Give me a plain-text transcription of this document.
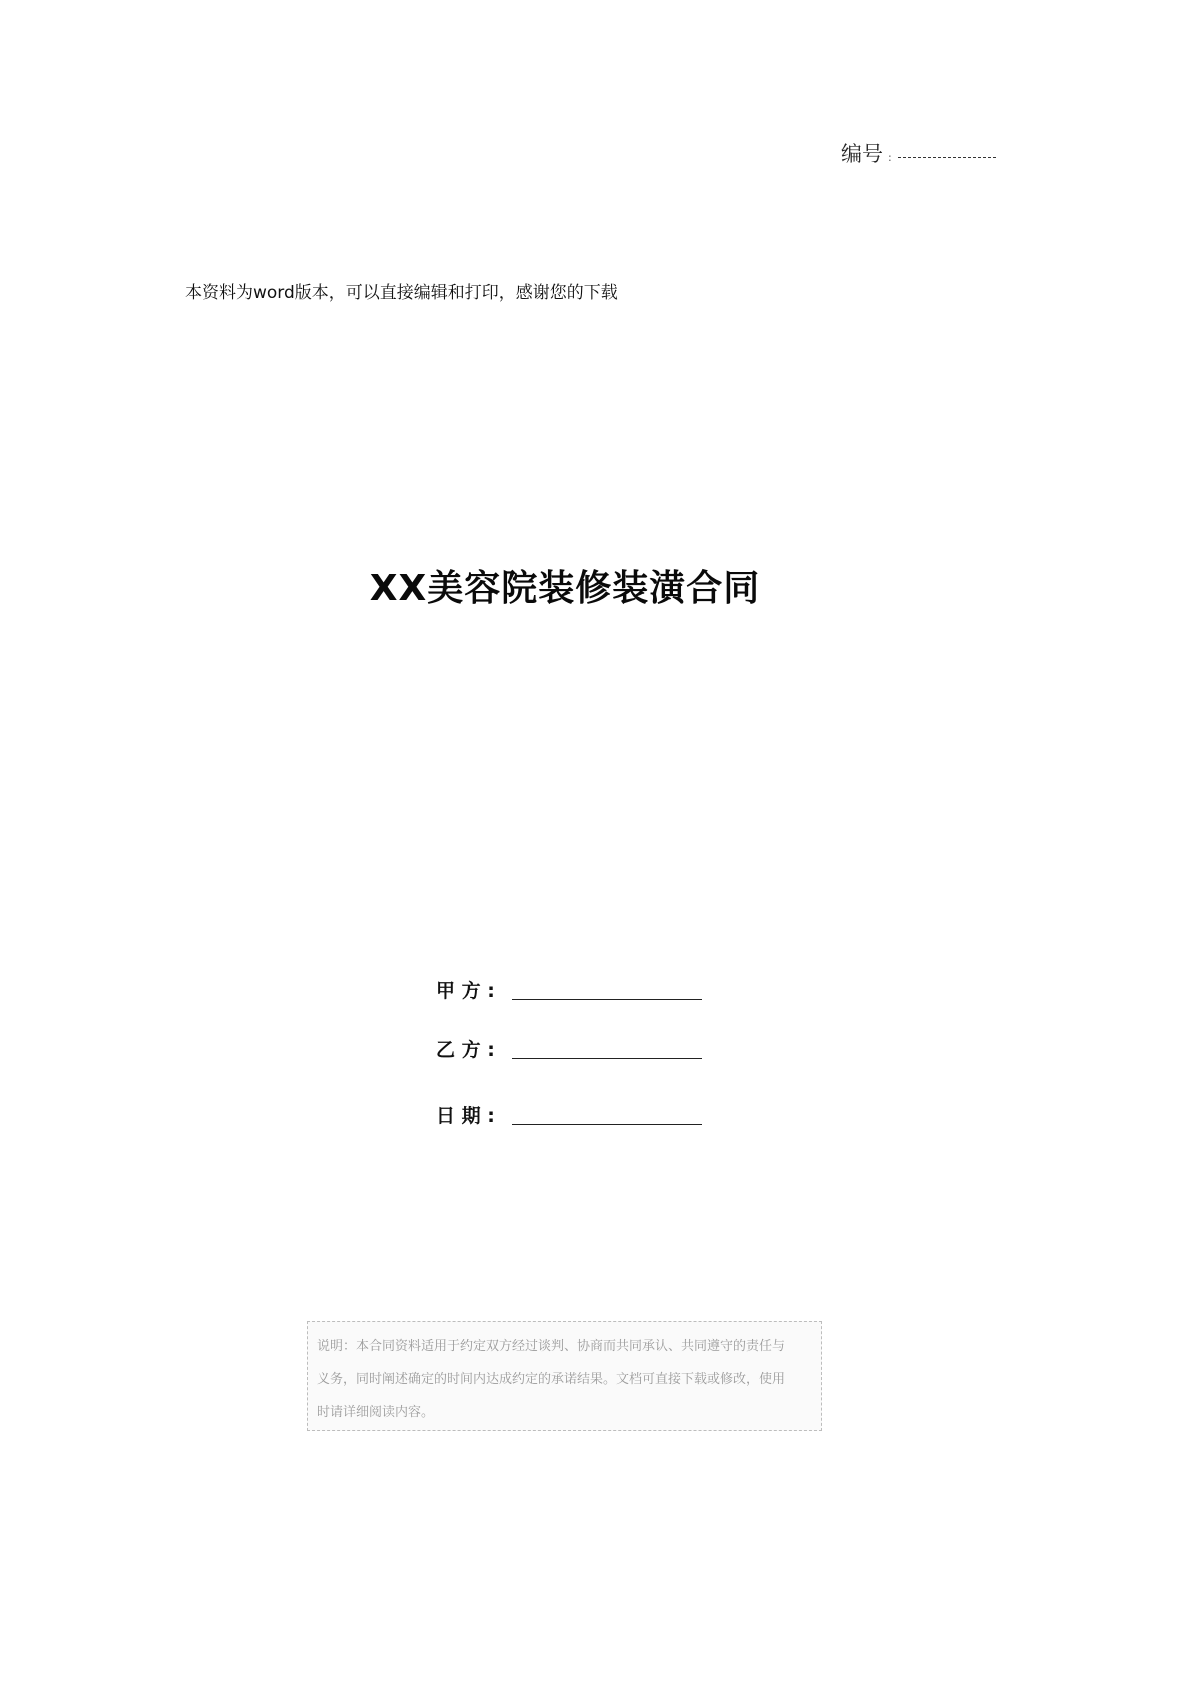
编号 :
本资料为word版本，可以直接编辑和打印，感谢您的下载
XX美容院装修装潢合同
甲 方 :
乙 方 :
日 期 :
说明：本合同资料适用于约定双方经过谈判、协商而共同承认、共同遵守的责任与
义务，同时阐述确定的时间内达成约定的承诺结果。文档可直接下载或修改，使用
时请详细阅读内容。
